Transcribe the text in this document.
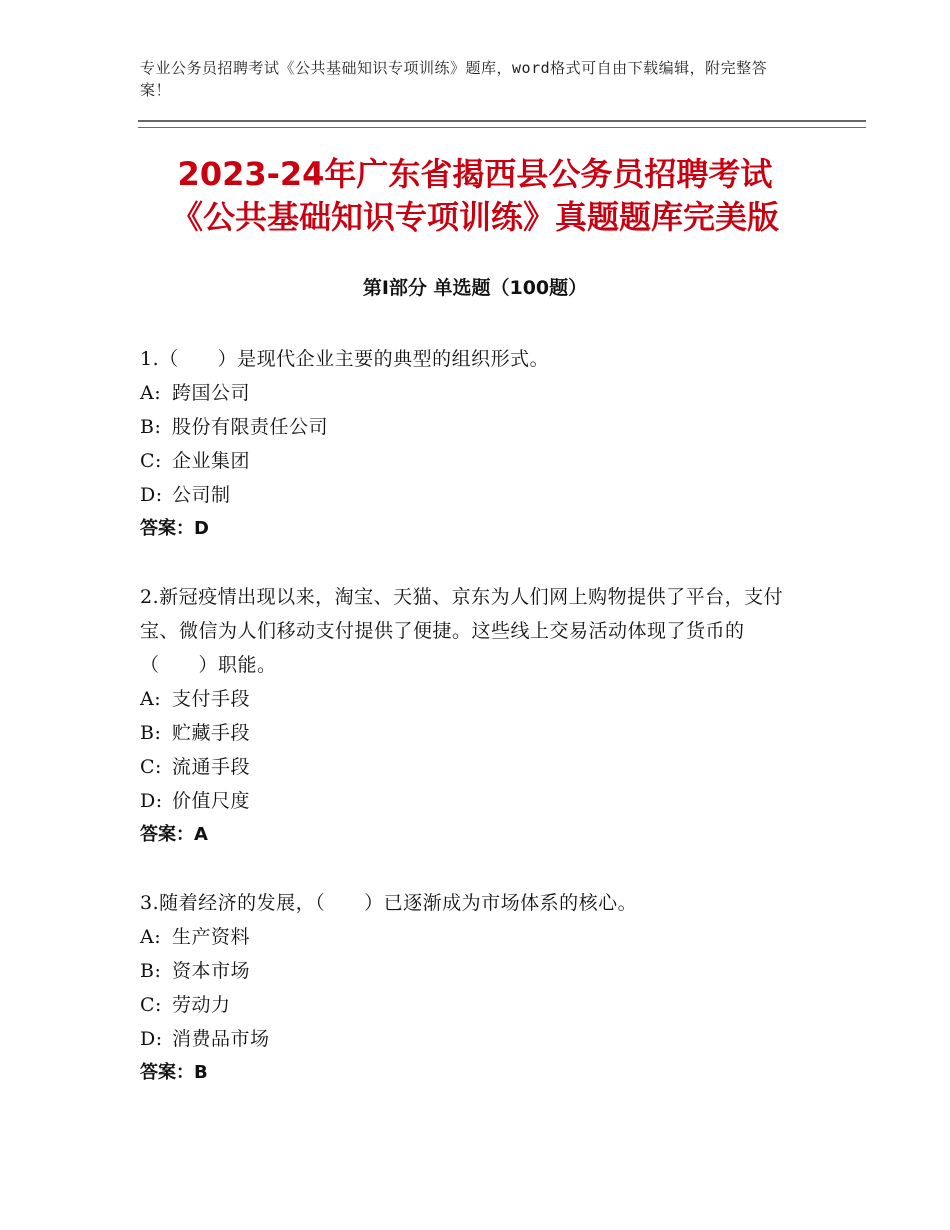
专业公务员招聘考试《公共基础知识专项训练》题库，word格式可自由下载编辑，附完整答案！
2023-24年广东省揭西县公务员招聘考试
《公共基础知识专项训练》真题题库完美版
第Ⅰ部分 单选题（100题）
1.（　　）是现代企业主要的典型的组织形式。
A: 跨国公司
B: 股份有限责任公司
C: 企业集团
D: 公司制
答案：D
2.新冠疫情出现以来，淘宝、天猫、京东为人们网上购物提供了平台，支付宝、微信为人们移动支付提供了便捷。这些线上交易活动体现了货币的（　　）职能。
A: 支付手段
B: 贮藏手段
C: 流通手段
D: 价值尺度
答案：A
3.随着经济的发展，（　　）已逐渐成为市场体系的核心。
A: 生产资料
B: 资本市场
C: 劳动力
D: 消费品市场
答案：B
